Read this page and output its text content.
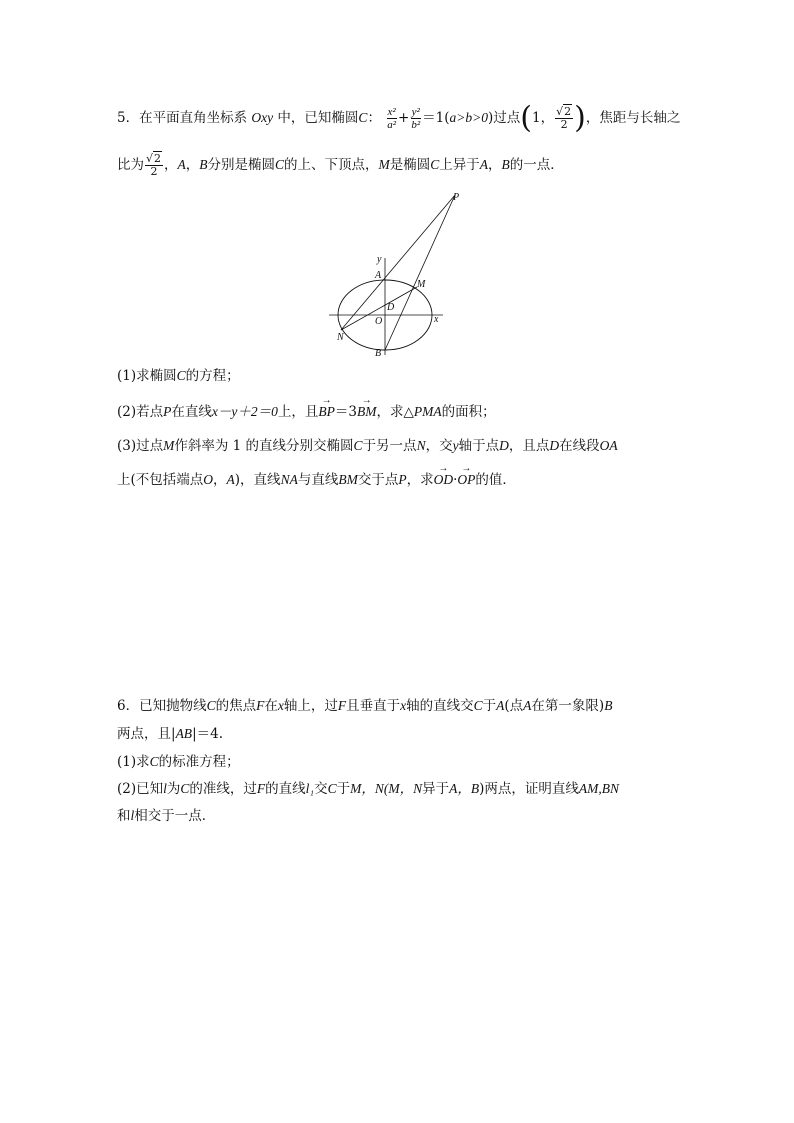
5．在平面直角坐标系 Oxy 中，已知椭圆C： $\frac{\text{x²}}{\text{a²}} + \frac{\text{y²}}{\text{b²}} =1(a>b>0)$过点(1， $\frac{√2}{2}$ )，焦距与长轴之
比为 $\frac{√2}{2}$ ，A，B分别是椭圆C的上、下顶点，M是椭圆C上异于A，B的一点．
P
y
A
M
D
O	x
N
B
(1)求椭圆C的方程；
(2)若点P在直线x－y＋2＝0上，且→ BP＝3→ BM，求△PMA的面积；
(3)过点M作斜率为 1 的直线分别交椭圆C于另一点N，交y轴于点D，且点D在线段OA
上(不包括端点O，A)，直线NA与直线BM交于点P，求→ OD·→ OP的值．
6．已知抛物线C的焦点F在x轴上，过F且垂直于x轴的直线交C于A(点A在第一象限)B
两点，且|AB|＝4.
(1)求C的标准方程；
(2)已知l为C的准线，过F的直线l₁交C于M，N(M，N异于A，B)两点，证明直线AM,BN
和l相交于一点．
